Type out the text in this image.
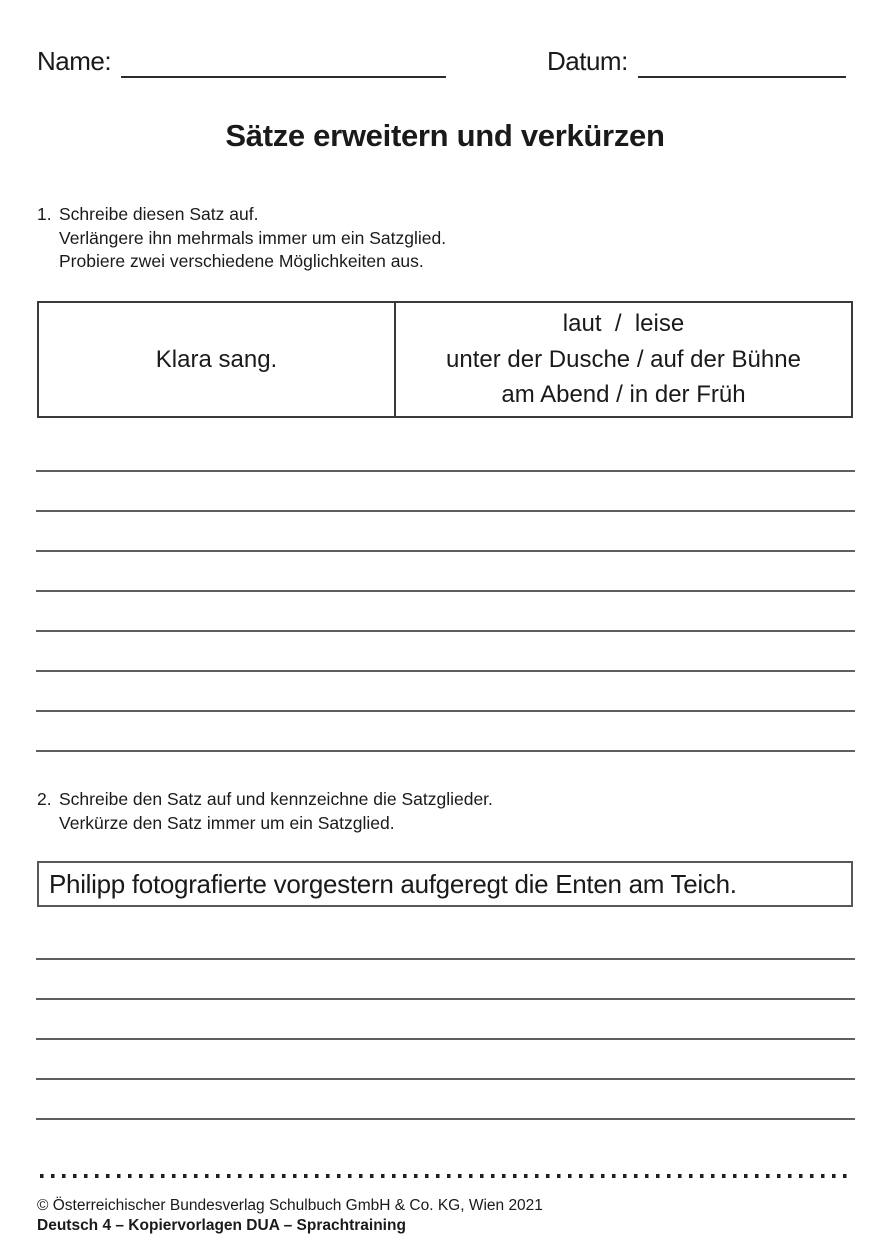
Name:	Datum:
Sätze erweitern und verkürzen
1. Schreibe diesen Satz auf.
Verlängere ihn mehrmals immer um ein Satzglied.
Probiere zwei verschiedene Möglichkeiten aus.
Klara sang.
laut  /  leise
unter der Dusche / auf der Bühne
am Abend / in der Früh
2. Schreibe den Satz auf und kennzeichne die Satzglieder.
Verkürze den Satz immer um ein Satzglied.
Philipp fotografierte vorgestern aufgeregt die Enten am Teich.
© Österreichischer Bundesverlag Schulbuch GmbH & Co. KG, Wien 2021
Deutsch 4 – Kopiervorlagen DUA – Sprachtraining
